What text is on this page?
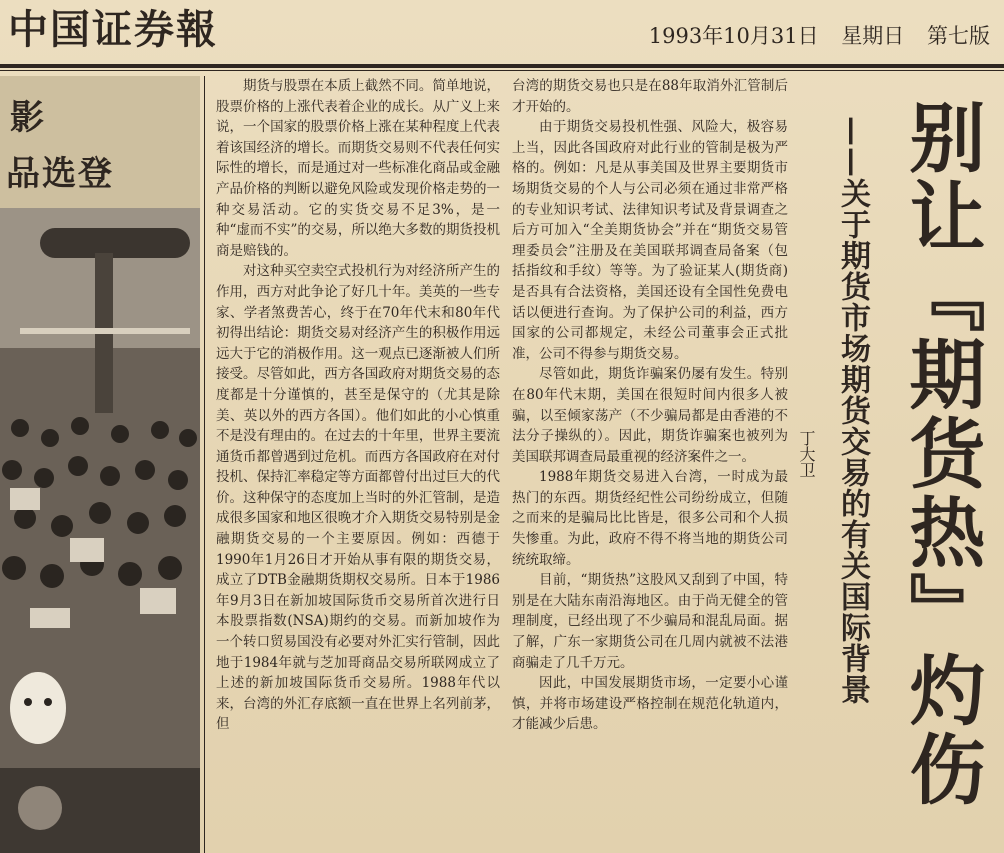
中国证券報	1993年10月31日 星期日 第七版
影
品选登

期货与股票在本质上截然不同。简单地说，股票价格的上涨代表着企业的成长。从广义上来说，一个国家的股票价格上涨在某种程度上代表着该国经济的增长。而期货交易则不代表任何实际性的增长，而是通过对一些标准化商品或金融产品价格的判断以避免风险或发现价格走势的一种交易活动。它的实货交易不足3%，是一种“虚而不实”的交易，所以绝大多数的期货投机商是赔钱的。

对这种买空卖空式投机行为对经济所产生的作用，西方对此争论了好几十年。美英的一些专家、学者煞费苦心，终于在70年代末和80年代初得出结论：期货交易对经济产生的积极作用远远大于它的消极作用。这一观点已逐渐被人们所接受。尽管如此，西方各国政府对期货交易的态度都是十分谨慎的，甚至是保守的（尤其是除美、英以外的西方各国）。他们如此的小心慎重不是没有理由的。在过去的十年里，世界主要流通货币都曾遇到过危机。而西方各国政府在对付投机、保持汇率稳定等方面都曾付出过巨大的代价。这种保守的态度加上当时的外汇管制，是造成很多国家和地区很晚才介入期货交易特别是金融期货交易的一个主要原因。例如：西德于1990年1月26日才开始从事有限的期货交易，成立了DTB金融期货期权交易所。日本于1986年9月3日在新加坡国际货币交易所首次进行日本股票指数(NSA)期约的交易。而新加坡作为一个转口贸易国没有必要对外汇实行管制，因此地于1984年就与芝加哥商品交易所联网成立了上述的新加坡国际货币交易所。1988年代以来，台湾的外汇存底额一直在世界上名列前茅，但

台湾的期货交易也只是在88年取消外汇管制后才开始的。

由于期货交易投机性强、风险大，极容易上当，因此各国政府对此行业的管制是极为严格的。例如：凡是从事美国及世界主要期货市场期货交易的个人与公司必须在通过非常严格的专业知识考试、法律知识考试及背景调查之后方可加入“全美期货协会”并在“期货交易管理委员会”注册及在美国联邦调查局备案（包括指纹和手纹）等等。为了验证某人(期货商)是否具有合法资格，美国还设有全国性免费电话以便进行查询。为了保护公司的利益，西方国家的公司都规定，未经公司董事会正式批准，公司不得参与期货交易。

尽管如此，期货诈骗案仍屡有发生。特别在80年代末期，美国在很短时间内很多人被骗，以至倾家荡产（不少骗局都是由香港的不法分子操纵的）。因此，期货诈骗案也被列为美国联邦调查局最重视的经济案件之一。

1988年期货交易进入台湾，一时成为最热门的东西。期货经纪性公司纷纷成立，但随之而来的是骗局比比皆是，很多公司和个人损失惨重。为此，政府不得不将当地的期货公司统统取缔。

目前，“期货热”这股风又刮到了中国，特别是在大陆东南沿海地区。由于尚无健全的管理制度，已经出现了不少骗局和混乱局面。据了解，广东一家期货公司在几周内就被不法港商骗走了几千万元。

因此，中国发展期货市场，一定要小心谨慎，并将市场建设严格控制在规范化轨道内，才能减少后患。	别让『期货热』灼伤
——关于期货市场期货交易的有关国际背景
丁大卫
